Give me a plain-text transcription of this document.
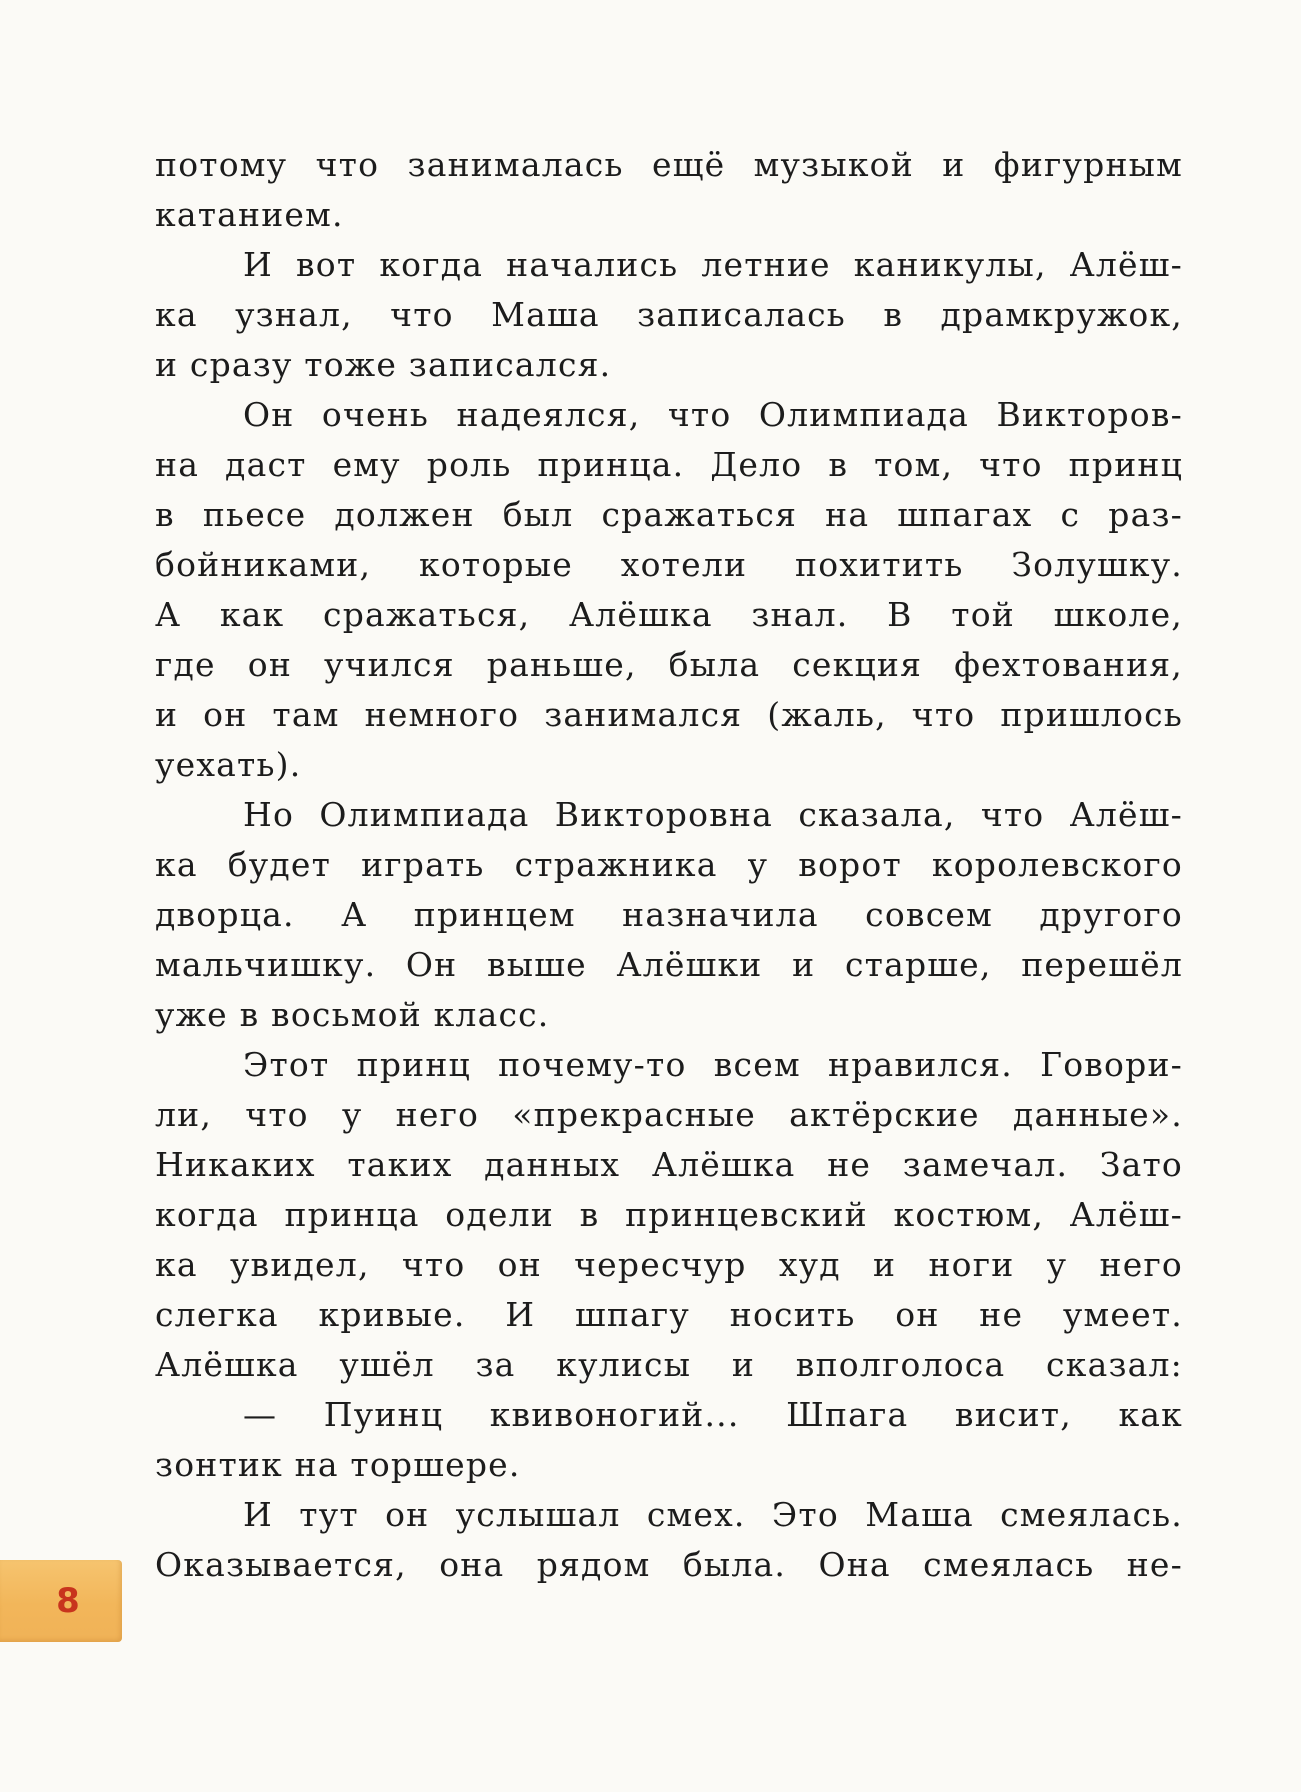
потому что занималась ещё музыкой и фигурным
катанием.
И вот когда начались летние каникулы, Алёш-
ка узнал, что Маша записалась в драмкружок,
и сразу тоже записался.
Он очень надеялся, что Олимпиада Викторов-
на даст ему роль принца. Дело в том, что принц
в пьесе должен был сражаться на шпагах с раз-
бойниками, которые хотели похитить Золушку.
А как сражаться, Алёшка знал. В той школе,
где он учился раньше, была секция фехтования,
и он там немного занимался (жаль, что пришлось
уехать).
Но Олимпиада Викторовна сказала, что Алёш-
ка будет играть стражника у ворот королевского
дворца. А принцем назначила совсем другого
мальчишку. Он выше Алёшки и старше, перешёл
уже в восьмой класс.
Этот принц почему-то всем нравился. Говори-
ли, что у него «прекрасные актёрские данные».
Никаких таких данных Алёшка не замечал. Зато
когда принца одели в принцевский костюм, Алёш-
ка увидел, что он чересчур худ и ноги у него
слегка кривые. И шпагу носить он не умеет.
Алёшка ушёл за кулисы и вполголоса сказал:
— Пуинц квивоногий... Шпага висит, как
зонтик на торшере.
И тут он услышал смех. Это Маша смеялась.
Оказывается, она рядом была. Она смеялась не-
8
